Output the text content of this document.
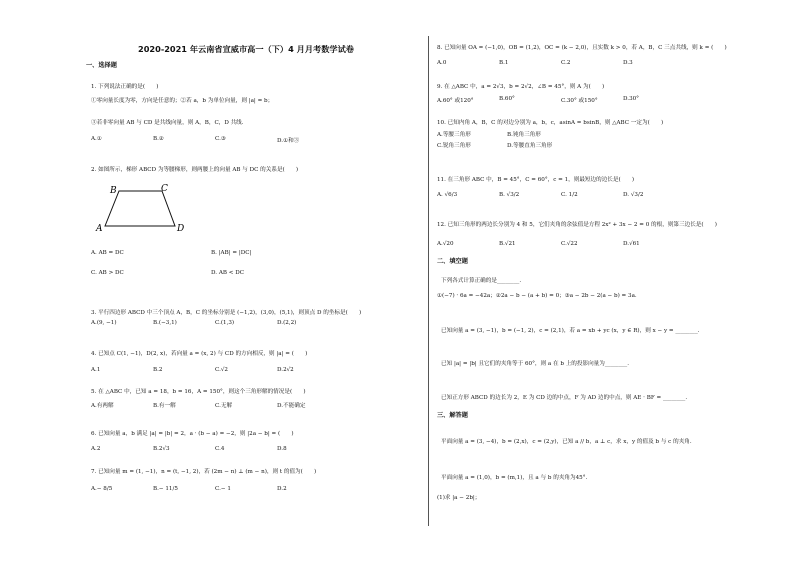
2020-2021 年云南省宣威市高一（下）4 月月考数学试卷
一、选择题
1. 下列说法正确的是(　　)
①零向量长度为零，方向是任意的；②若 a，b 为单位向量，则 |a| = b；
③若非零向量 AB 与 CD 是共线向量，则 A，B，C，D 共线.
A.①	B.②	C.③	D.①和③
2. 如图所示，梯形 ABCD 为等腰梯形，则两腰上的向量 AB 与 DC 的关系是(　　)
B	C
A	D
A. AB = DC	B. |AB| = |DC|
C. AB > DC	D. AB < DC
3. 平行四边形 ABCD 中三个顶点 A，B，C 的坐标分别是 (−1,2)，(3,0)，(5,1)，则顶点 D 的坐标是(　　)
A.(9, −1)	B.(−3,1)	C.(1,3)	D.(2,2)
4. 已知点 C(1, −1)，D(2, x)，若向量 a = (x, 2) 与 CD 的方向相反，则 |a| = (　　)
A.1	B.2	C.√2	D.2√2
5. 在 △ABC 中，已知 a = 18，b = 16，A = 150°，则这个三角形解的情况是(　　)
A.有两解	B.有一解	C.无解	D.不能确定
6. 已知向量 a，b 满足 |a| = |b| = 2，a · (b − a) = −2，则 |2a − b| = (　　)
A.2	B.2√3	C.4	D.8
7. 已知向量 m = (1, −1)，n = (t, −1, 2)，若 (2m − n) ⊥ (m − n)，则 t 的值为(　　)
A.− 8/5	B.− 11/5	C.− 1	D.2
8. 已知向量 OA = (−1,0)，OB = (1,2)，OC = (k − 2,0)，且实数 k > 0，若 A，B，C 三点共线，则 k = (　　)
A.0	B.1	C.2	D.3
9. 在 △ABC 中，a = 2√3，b = 2√2，∠B = 45°，则 A 为(　　)
A.60° 或120°	B.60°	C.30° 或150°	D.30°
10. 已知内角 A，B，C 的对边分别为 a，b，c，asinA = bsinB，则 △ABC 一定为(　　)
A.等腰三角形	B.钝角三角形
C.锐角三角形	D.等腰直角三角形
11. 在三角形 ABC 中，B = 45°，C = 60°，c = 1，则最短边的边长是(　　)
A. √6/3	B. √3/2	C. 1/2	D. √3/2
12. 已知三角形的两边长分别为 4 和 5，它们夹角的余弦值是方程 2x² + 3x − 2 = 0 的根，则第三边长是(　　)
A.√20	B.√21	C.√22	D.√61
二、填空题
下列各式计算正确的是________.
①(−7) · 6a = −42a；②2a − b − (a + b) = 0；③a − 2b − 2(a − b) = 3a.
已知向量 a = (3, −1)，b = (−1, 2)，c = (2,1)，若 a = xb + yc (x，y ∈ R)，则 x − y = ________.
已知 |a| = |b| 且它们的夹角等于 60°，则 a 在 b 上的投影向量为________.
已知正方形 ABCD 的边长为 2，E 为 CD 边的中点，F 为 AD 边的中点，则 AE · BF = ________.
三、解答题
平面向量 a = (3, −4)，b = (2,x)，c = (2,y)，已知 a // b，a ⊥ c，求 x，y 的值及 b 与 c 的夹角.
平面向量 a = (1,0)，b = (m,1)，且 a 与 b 的夹角为45°.
(1)求 |a − 2b|；
